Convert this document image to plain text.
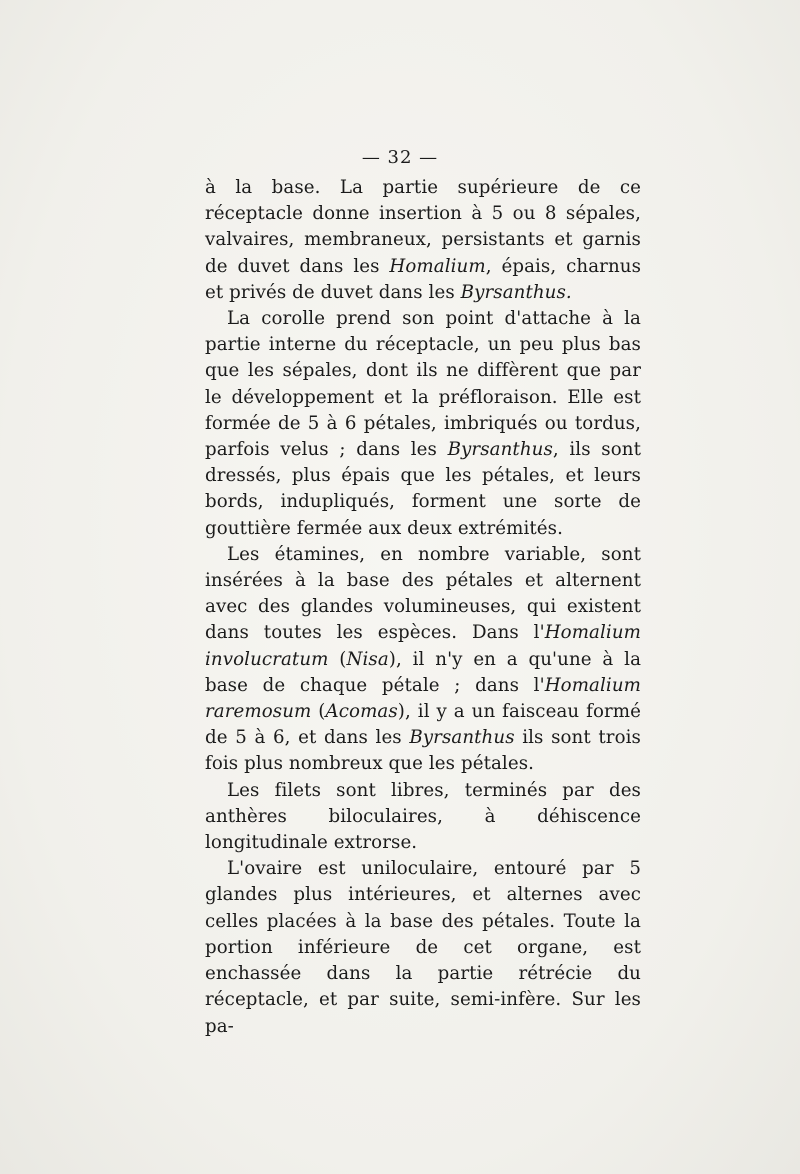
— 32 —

à la base. La partie supérieure de ce réceptacle donne insertion à 5 ou 8 sépales, valvaires, membraneux, persistants et garnis de duvet dans les Homalium, épais, charnus et privés de duvet dans les Byrsanthus.

La corolle prend son point d'attache à la partie interne du réceptacle, un peu plus bas que les sépales, dont ils ne diffèrent que par le développement et la préfloraison. Elle est formée de 5 à 6 pétales, imbriqués ou tordus, parfois velus ; dans les Byrsanthus, ils sont dressés, plus épais que les pétales, et leurs bords, indupliqués, forment une sorte de gouttière fermée aux deux extrémités.

Les étamines, en nombre variable, sont insérées à la base des pétales et alternent avec des glandes volumineuses, qui existent dans toutes les espèces. Dans l'Homalium involucratum (Nisa), il n'y en a qu'une à la base de chaque pétale ; dans l'Homalium raremosum (Acomas), il y a un faisceau formé de 5 à 6, et dans les Byrsanthus ils sont trois fois plus nombreux que les pétales.

Les filets sont libres, terminés par des anthères biloculaires, à déhiscence longitudinale extrorse.

L'ovaire est uniloculaire, entouré par 5 glandes plus intérieures, et alternes avec celles placées à la base des pétales. Toute la portion inférieure de cet organe, est enchassée dans la partie rétrécie du réceptacle, et par suite, semi-infère. Sur les pa-
